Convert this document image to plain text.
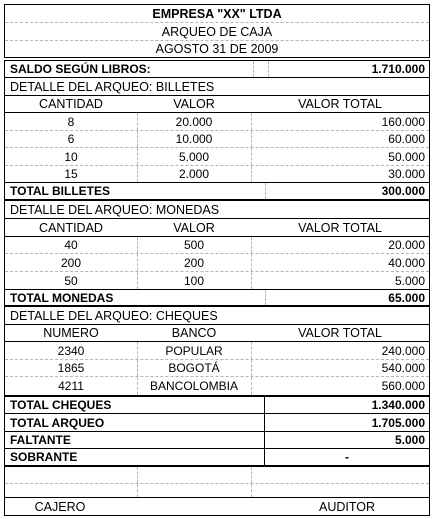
EMPRESA "XX" LTDA
ARQUEO DE CAJA
AGOSTO 31 DE 2009
SALDO SEGÚN LIBROS:	1.710.000
DETALLE DEL ARQUEO: BILLETES
CANTIDAD	VALOR	VALOR TOTAL
8	20.000	160.000
6	10.000	60.000
10	5.000	50.000
15	2.000	30.000
TOTAL BILLETES	300.000
DETALLE DEL ARQUEO: MONEDAS
CANTIDAD	VALOR	VALOR TOTAL
40	500	20.000
200	200	40.000
50	100	5.000
TOTAL MONEDAS	65.000
DETALLE DEL ARQUEO: CHEQUES
NUMERO	BANCO	VALOR TOTAL
2340	POPULAR	240.000
1865	BOGOTÁ	540.000
4211	BANCOLOMBIA	560.000
TOTAL CHEQUES	1.340.000
TOTAL ARQUEO	1.705.000
FALTANTE	5.000
SOBRANTE	-
CAJERO	AUDITOR
